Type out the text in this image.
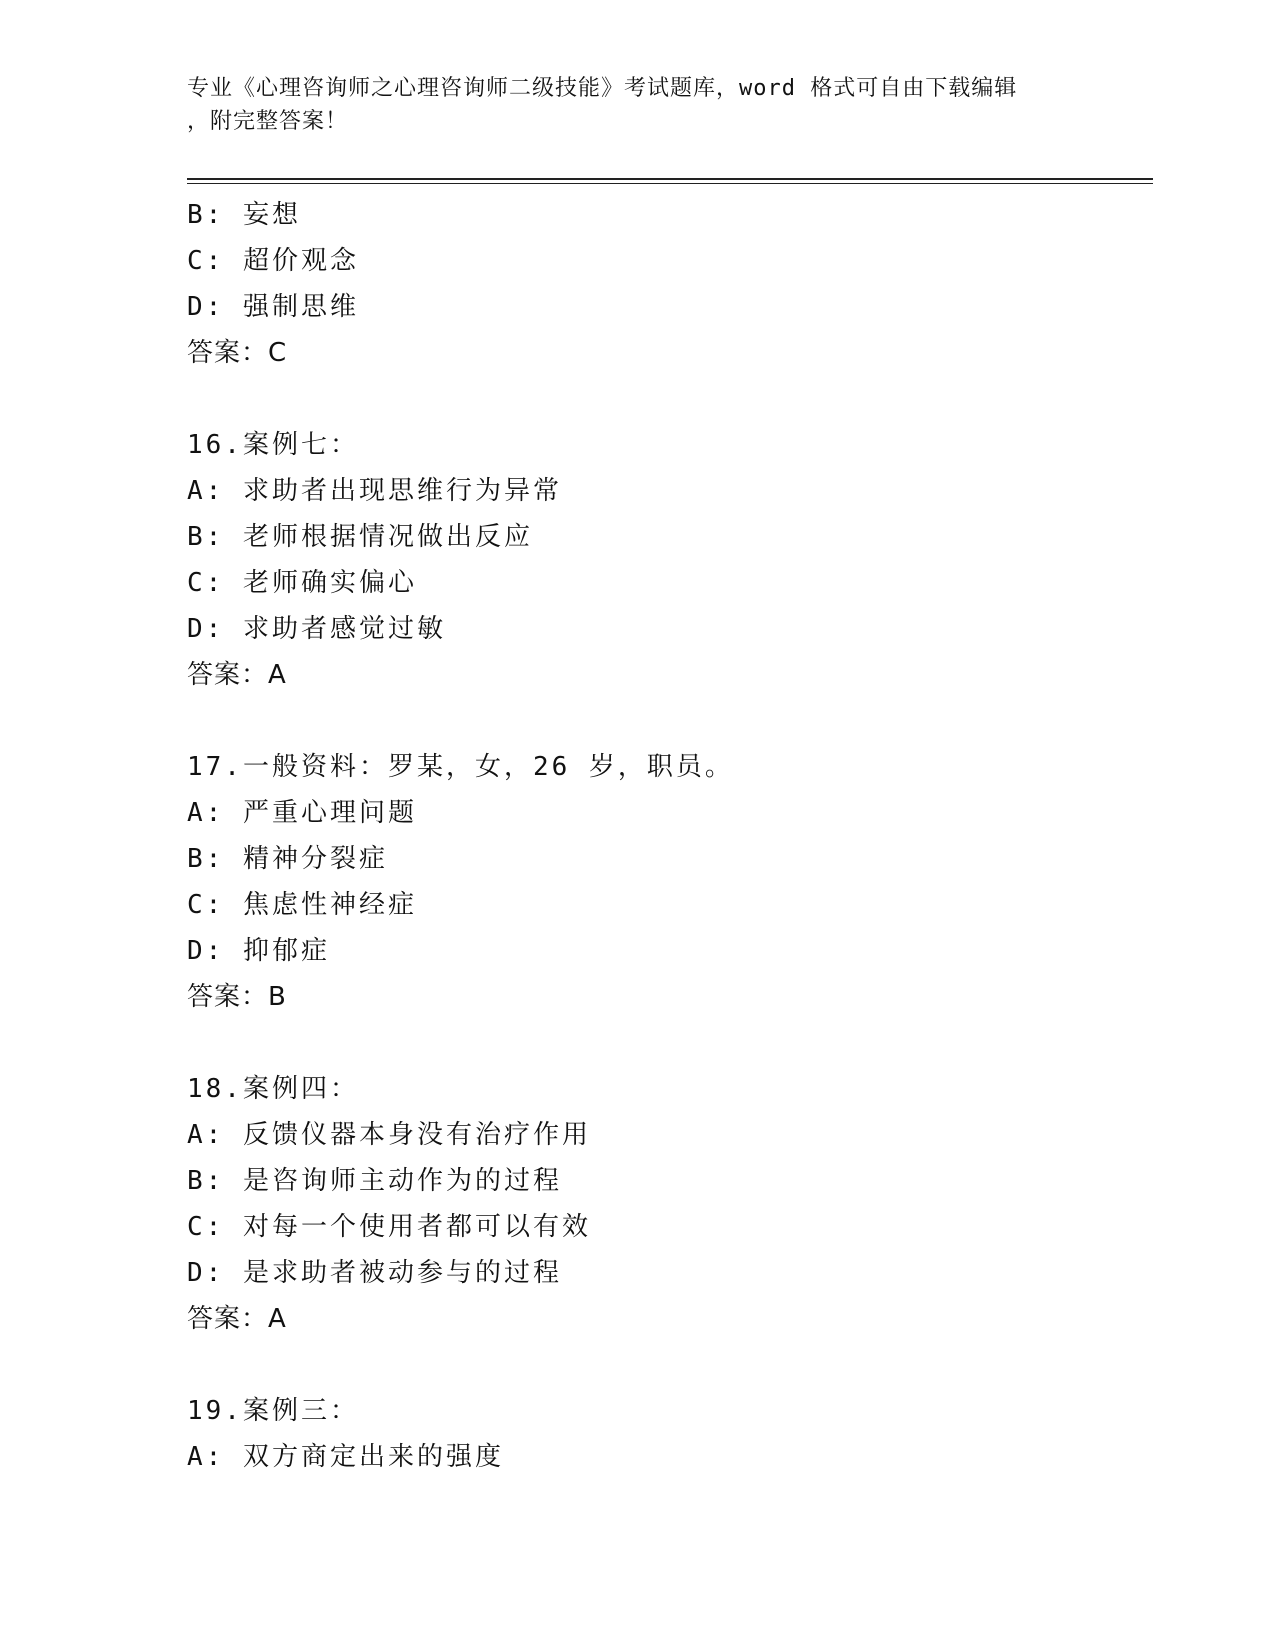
专业《心理咨询师之心理咨询师二级技能》考试题库，word 格式可自由下载编辑
，附完整答案！
B: 妄想
C: 超价观念
D: 强制思维
答案：C
16.案例七：
A: 求助者出现思维行为异常
B: 老师根据情况做出反应
C: 老师确实偏心
D: 求助者感觉过敏
答案：A
17.一般资料：罗某，女，26 岁，职员。
A: 严重心理问题
B: 精神分裂症
C: 焦虑性神经症
D: 抑郁症
答案：B
18.案例四：
A: 反馈仪器本身没有治疗作用
B: 是咨询师主动作为的过程
C: 对每一个使用者都可以有效
D: 是求助者被动参与的过程
答案：A
19.案例三：
A: 双方商定出来的强度
